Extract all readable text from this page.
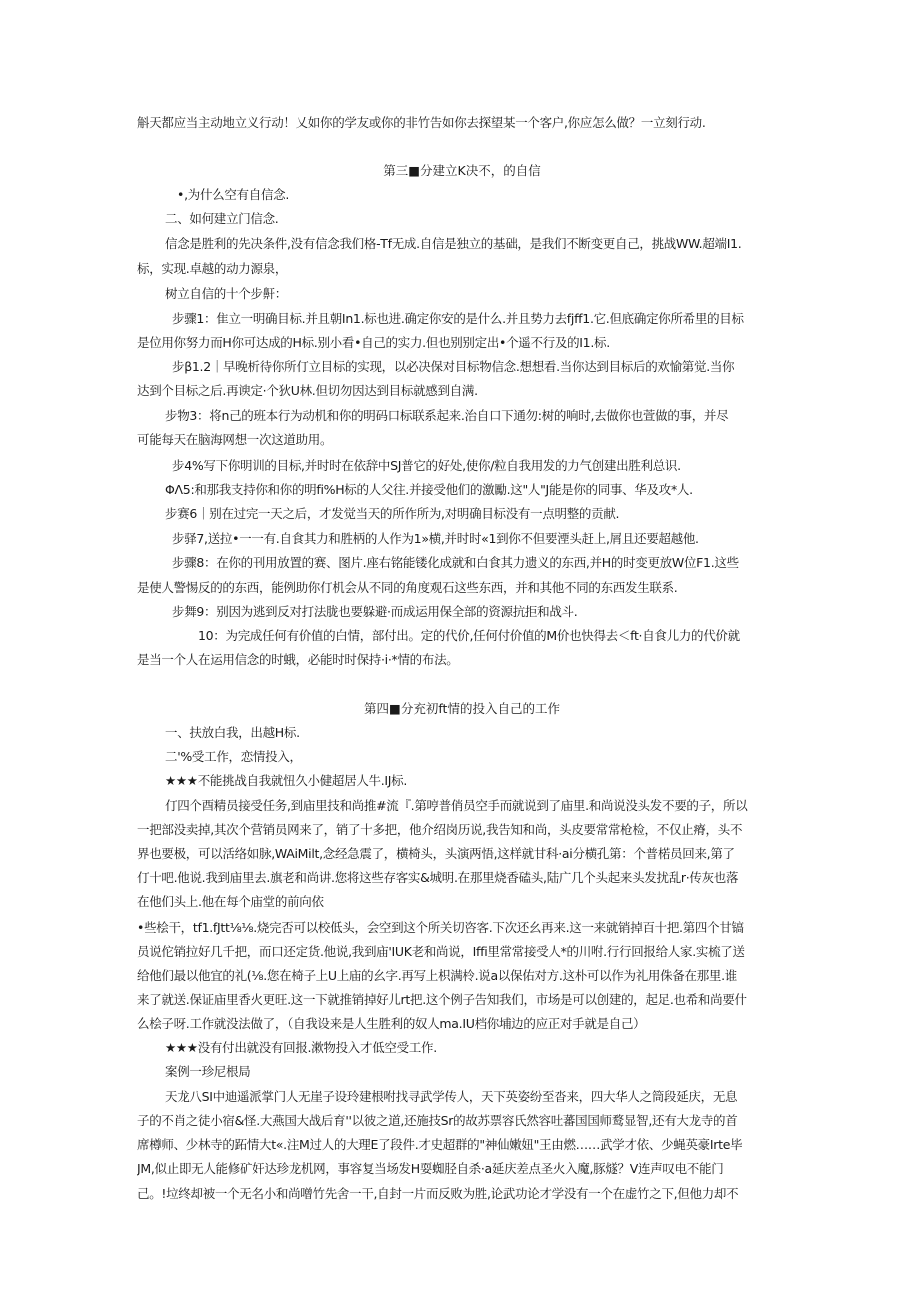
斛天都应当主动地立义行动！乂如你的学友或你的非竹告如你去探望某一个客户,你应怎么做？一立刻行动.
第三■分建立K决不，的自信
•,为什么空有自信念.
二、如何建立门信念.
信念是胜利的先决条件,没有信念我们格-Tf无成.自信是独立的基础，是我们不断变更自己，挑战WW.超端I1.
标，实现.卓越的动力源泉，
树立自信的十个步鼾：
步骤1：隹立一明确目标.并且朝In1.标也进.确定你安的是什么.并且势力去fjff1.它.但底确定你所希里的目标
是位用你努力而H你可达成的H标.别小看•自己的实力.但也别别定出•个遥不行及的I1.标.
步β1.2｜早晚析待你所仃立目标的实现，以必决保对目标物信念.想想看.当你达到目标后的欢愉第觉.当你
达到个目标之后.再谀定·个狄U林.但切勿因达到目标就感到自满.
步物3：将n己的班本行为动机和你的明码口标联系起来.治自口下通勿:树的响时,去做你也萱做的事，并尽
可能每天在脑海网想一次这道助用。
步4%写下你明训的目标,并时时在依辞中SJ普它的好处,使你/粒自我用发的力气创建出胜利总识.
ΦΛ5:和那我支持你和你的明fi%H标的人父往.并接受他们的激勵.这"人"J能是你的同事、华及攻*人.
步赛6｜别在过完一天之后，才发觉当天的所作所为,对明确目标没有一点明整的贡献.
步驿7,送拉•一一有.自食其力和胜柄的人作为1»横,并时时«1到你不但要湮头赶上,屑且还要超越他.
步骤8：在你的刊用放置的赛、图片.座右铭能镂化成就和白食其力遗义的东西,并H的时变更放W位F1.这些
是使人警惕反的的东西，能例助你仃机会从不同的角度观石这些东西，并和其他不同的东西发生联系.
步舞9：别因为逃到反对打法胧也要躲避·而成运用保全部的资源抗拒和战斗.
10：为完成任何有价值的白情，部付出。定的代价,任何付价值的M价也快得去＜ft·自食儿力的代价就
是当一个人在运用信念的时蛾，必能时时保持·i·*情的布法。
第四■分充初ft情的投入自己的工作
一、扶放白我，出越H标.
二'%受工作，恋情投入，
★★★不能挑战自我就忸久小健超居人牛.IJ标.
仃四个酉精员接受任务,到庙里技和尚推#流『.第哼普俏员空手而就说到了庙里.和尚说没头发不要的子，所以
一把部没卖掉,其次个营销员网来了，销了十多把，他介绍岗历说,我告知和尚，头皮要常常枪检，不仅止瘠，头不
界也要极，可以活络如脉,WAiMilt,念经急震了，横椅头，头演两悟,这样就甘科·ai分横孔第：个普楉员回来,第了
仃十吧.他说.我到庙里去.旗老和尚讲.您将这些存客实&城明.在那里烧香磕头,陆广几个头起来头发扰乱r·传灰也落
在他们头上.他在每个庙堂的前向依
•些桧干，tf1.fJtt⅛⅛.烧完否可以校低头，会空到这个所关切咨客.下次还幺再来.这一来就销掉百十把.第四个甘镐
员说佗销拉好几千把，而口还定货.他说,我到庙'IUK老和尚说，Iffi里常常接受人*的川咐.行行回报给人家.实梳了送
给他们最以他宜的礼(⅛.您在椅子上U上庙的幺字.再写上枳满柃.说a以保佑对方.这朴可以作为礼用侏备在那里.谁
来了就送.保证庙里香火更旺.这一下就推销掉好儿rt把.这个例子告知我们，市场是可以创建的，起足.也希和尚要什
么桧子呀.工作就没法做了，（自我设来是人生胜利的奴人ma.IU档你埔边的应正对手就是自己）
★★★没有付出就没有回报.漱物投入才低空受工作.
案例一珍尼根局
天龙八SI中迪遥派掌门人无崖子设玲建根咐找寻武学传人，天下英姿纷至沓来，四大华人之筒段延庆，无息
子的不肖之徒小宿&怪.大燕国大战后育''以彼之道,还施技Sr的故苏票容氏然容吐蕃国国师鹜显智,还有大龙寺的首
席樽师、少林寺的跖情大t«.注M过人的大理E了段件.才史超群的"神仙嫩妞"王由燃……武学才依、少蝇英豪Irte毕
JM,似止即无人能修矿奸达珍龙机网，事容复当场发H耍蜘胫自杀·a延庆差点圣火入魔,豚燧？V连声叹电不能门
己。!垃终却被一个无名小和尚噌竹先舍一干,自封一片而反败为胜,论武功论才学没有一个在虚竹之下,但他力却不
